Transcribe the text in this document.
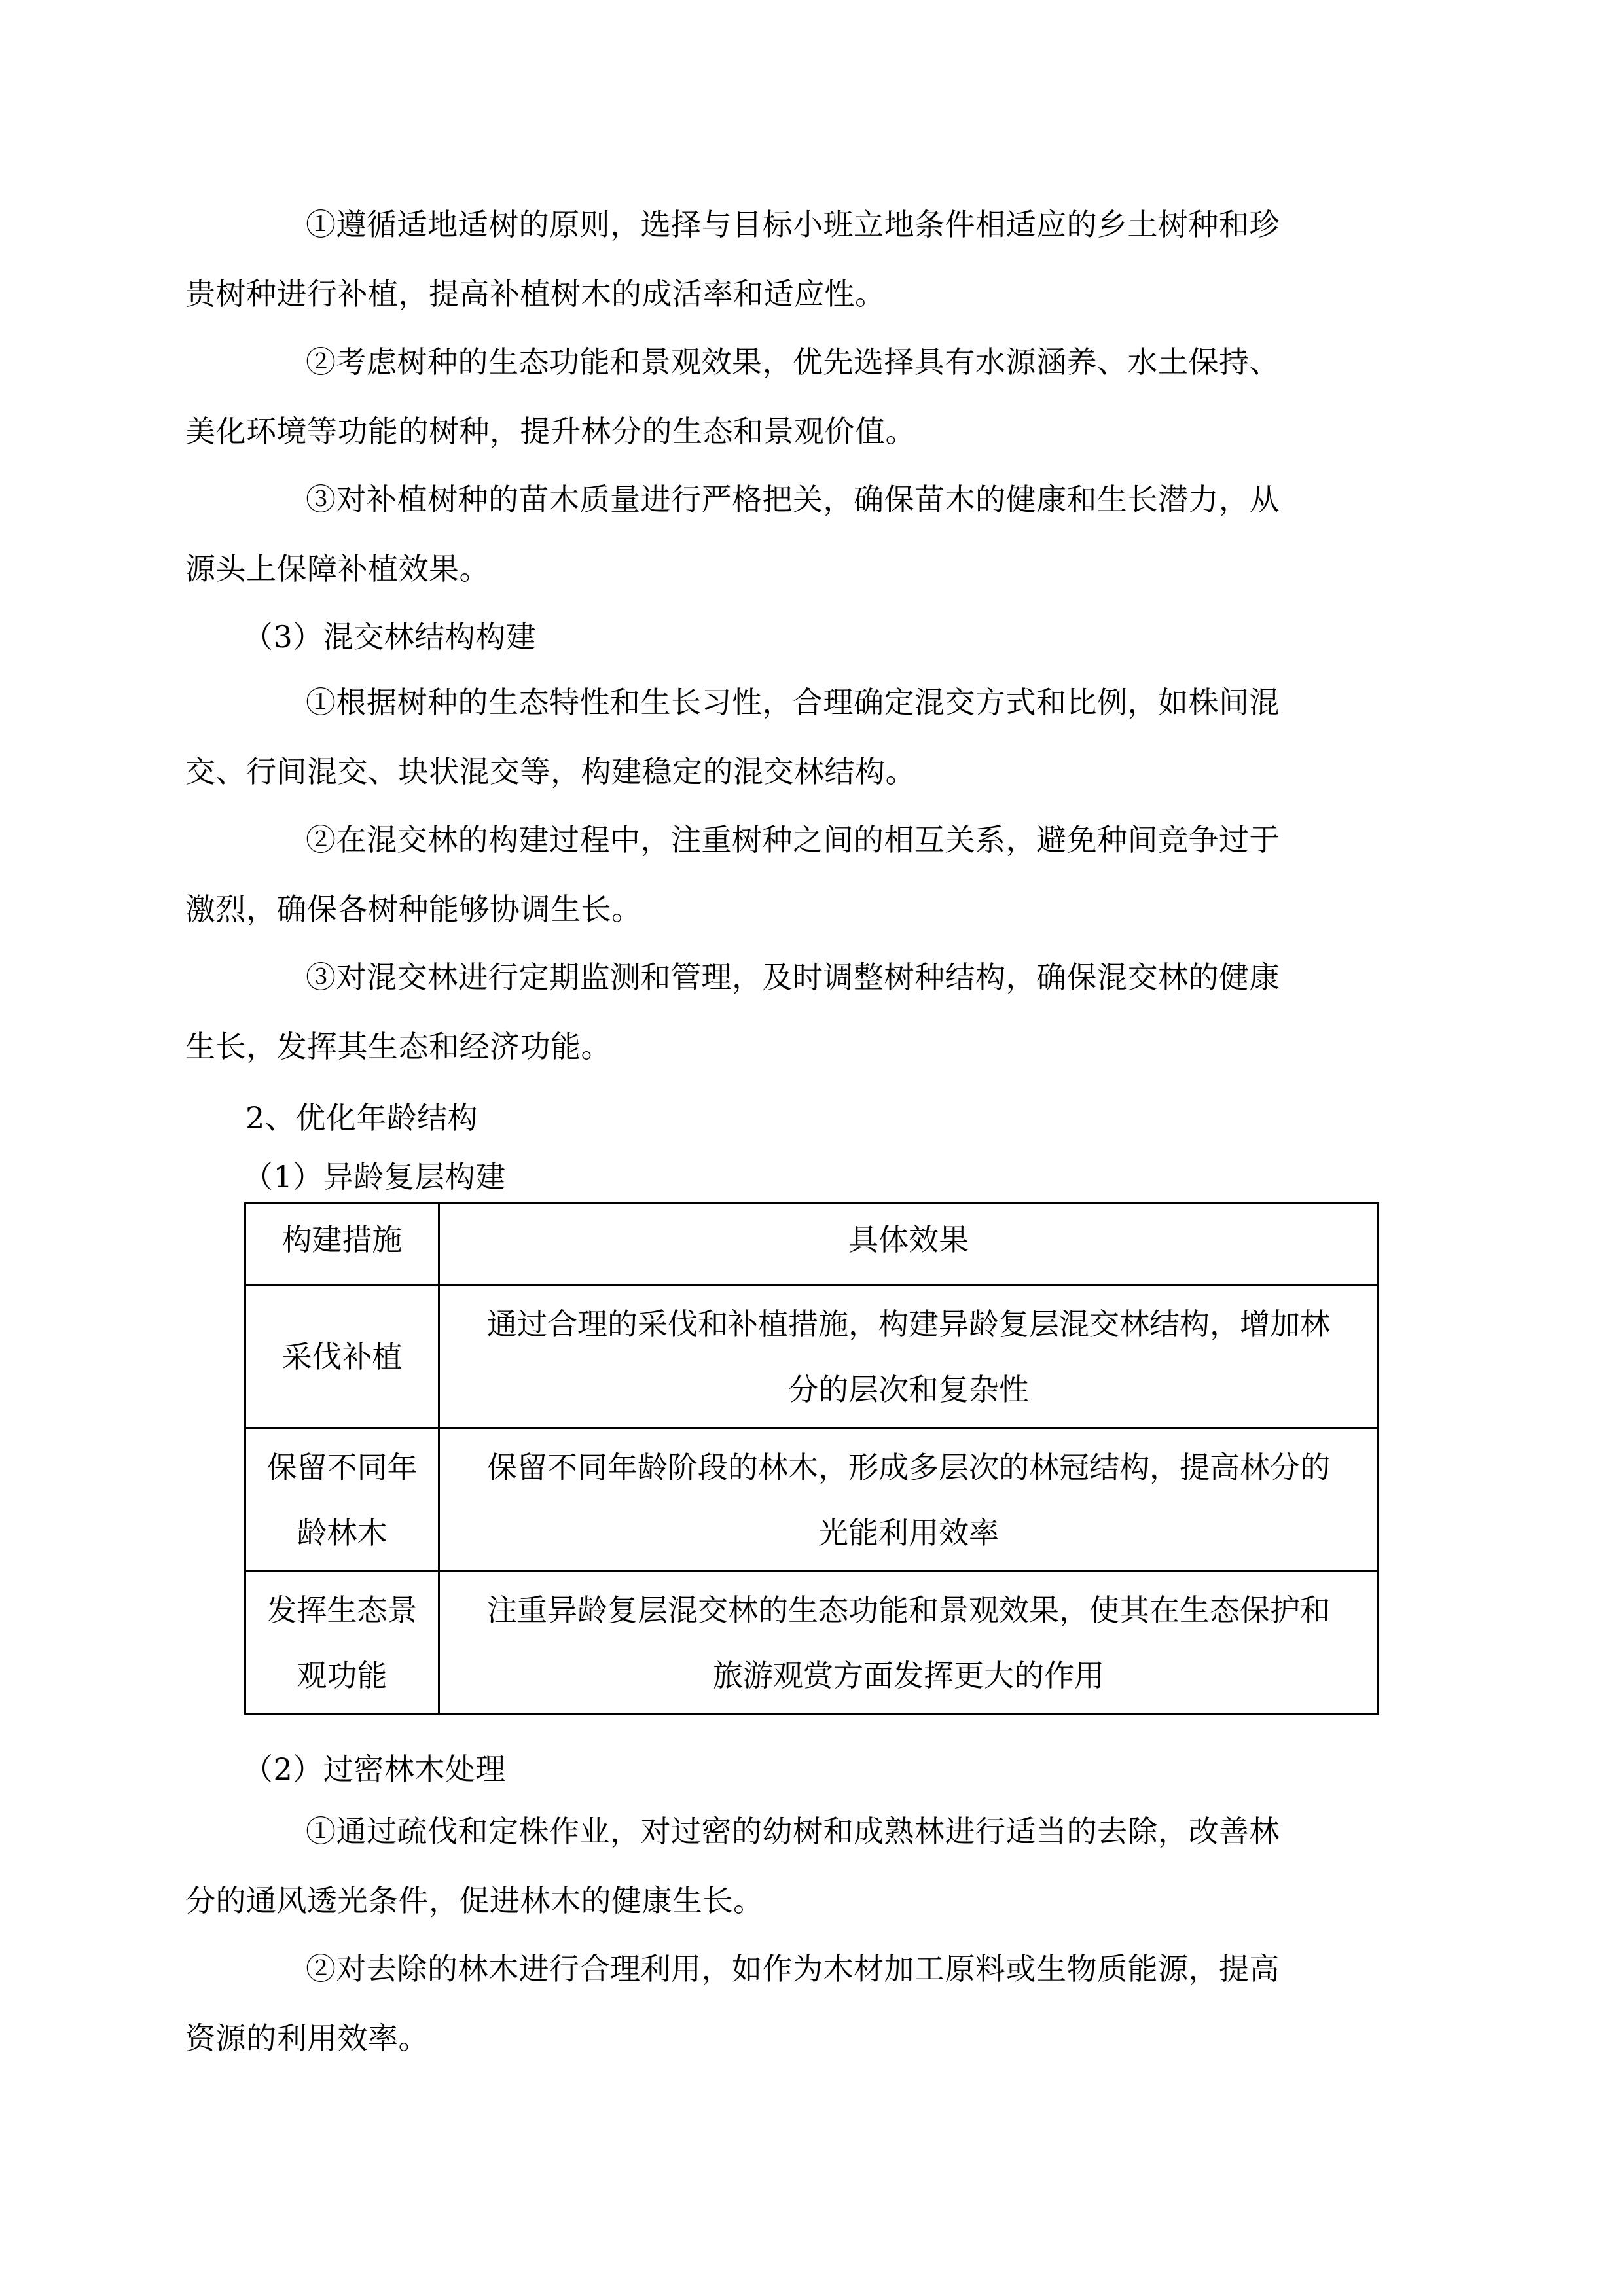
①遵循适地适树的原则，选择与目标小班立地条件相适应的乡土树种和珍
贵树种进行补植，提高补植树木的成活率和适应性。
②考虑树种的生态功能和景观效果，优先选择具有水源涵养、水土保持、
美化环境等功能的树种，提升林分的生态和景观价值。
③对补植树种的苗木质量进行严格把关，确保苗木的健康和生长潜力，从
源头上保障补植效果。
（3）混交林结构构建
①根据树种的生态特性和生长习性，合理确定混交方式和比例，如株间混
交、行间混交、块状混交等，构建稳定的混交林结构。
②在混交林的构建过程中，注重树种之间的相互关系，避免种间竞争过于
激烈，确保各树种能够协调生长。
③对混交林进行定期监测和管理，及时调整树种结构，确保混交林的健康
生长，发挥其生态和经济功能。
2、优化年龄结构
（1）异龄复层构建
（2）过密林木处理
①通过疏伐和定株作业，对过密的幼树和成熟林进行适当的去除，改善林
分的通风透光条件，促进林木的健康生长。
②对去除的林木进行合理利用，如作为木材加工原料或生物质能源，提高
资源的利用效率。
构建措施	具体效果
采伐补植	通过合理的采伐和补植措施，构建异龄复层混交林结构，增加林
分的层次和复杂性
保留不同年
龄林木	保留不同年龄阶段的林木，形成多层次的林冠结构，提高林分的
光能利用效率
发挥生态景
观功能	注重异龄复层混交林的生态功能和景观效果，使其在生态保护和
旅游观赏方面发挥更大的作用
